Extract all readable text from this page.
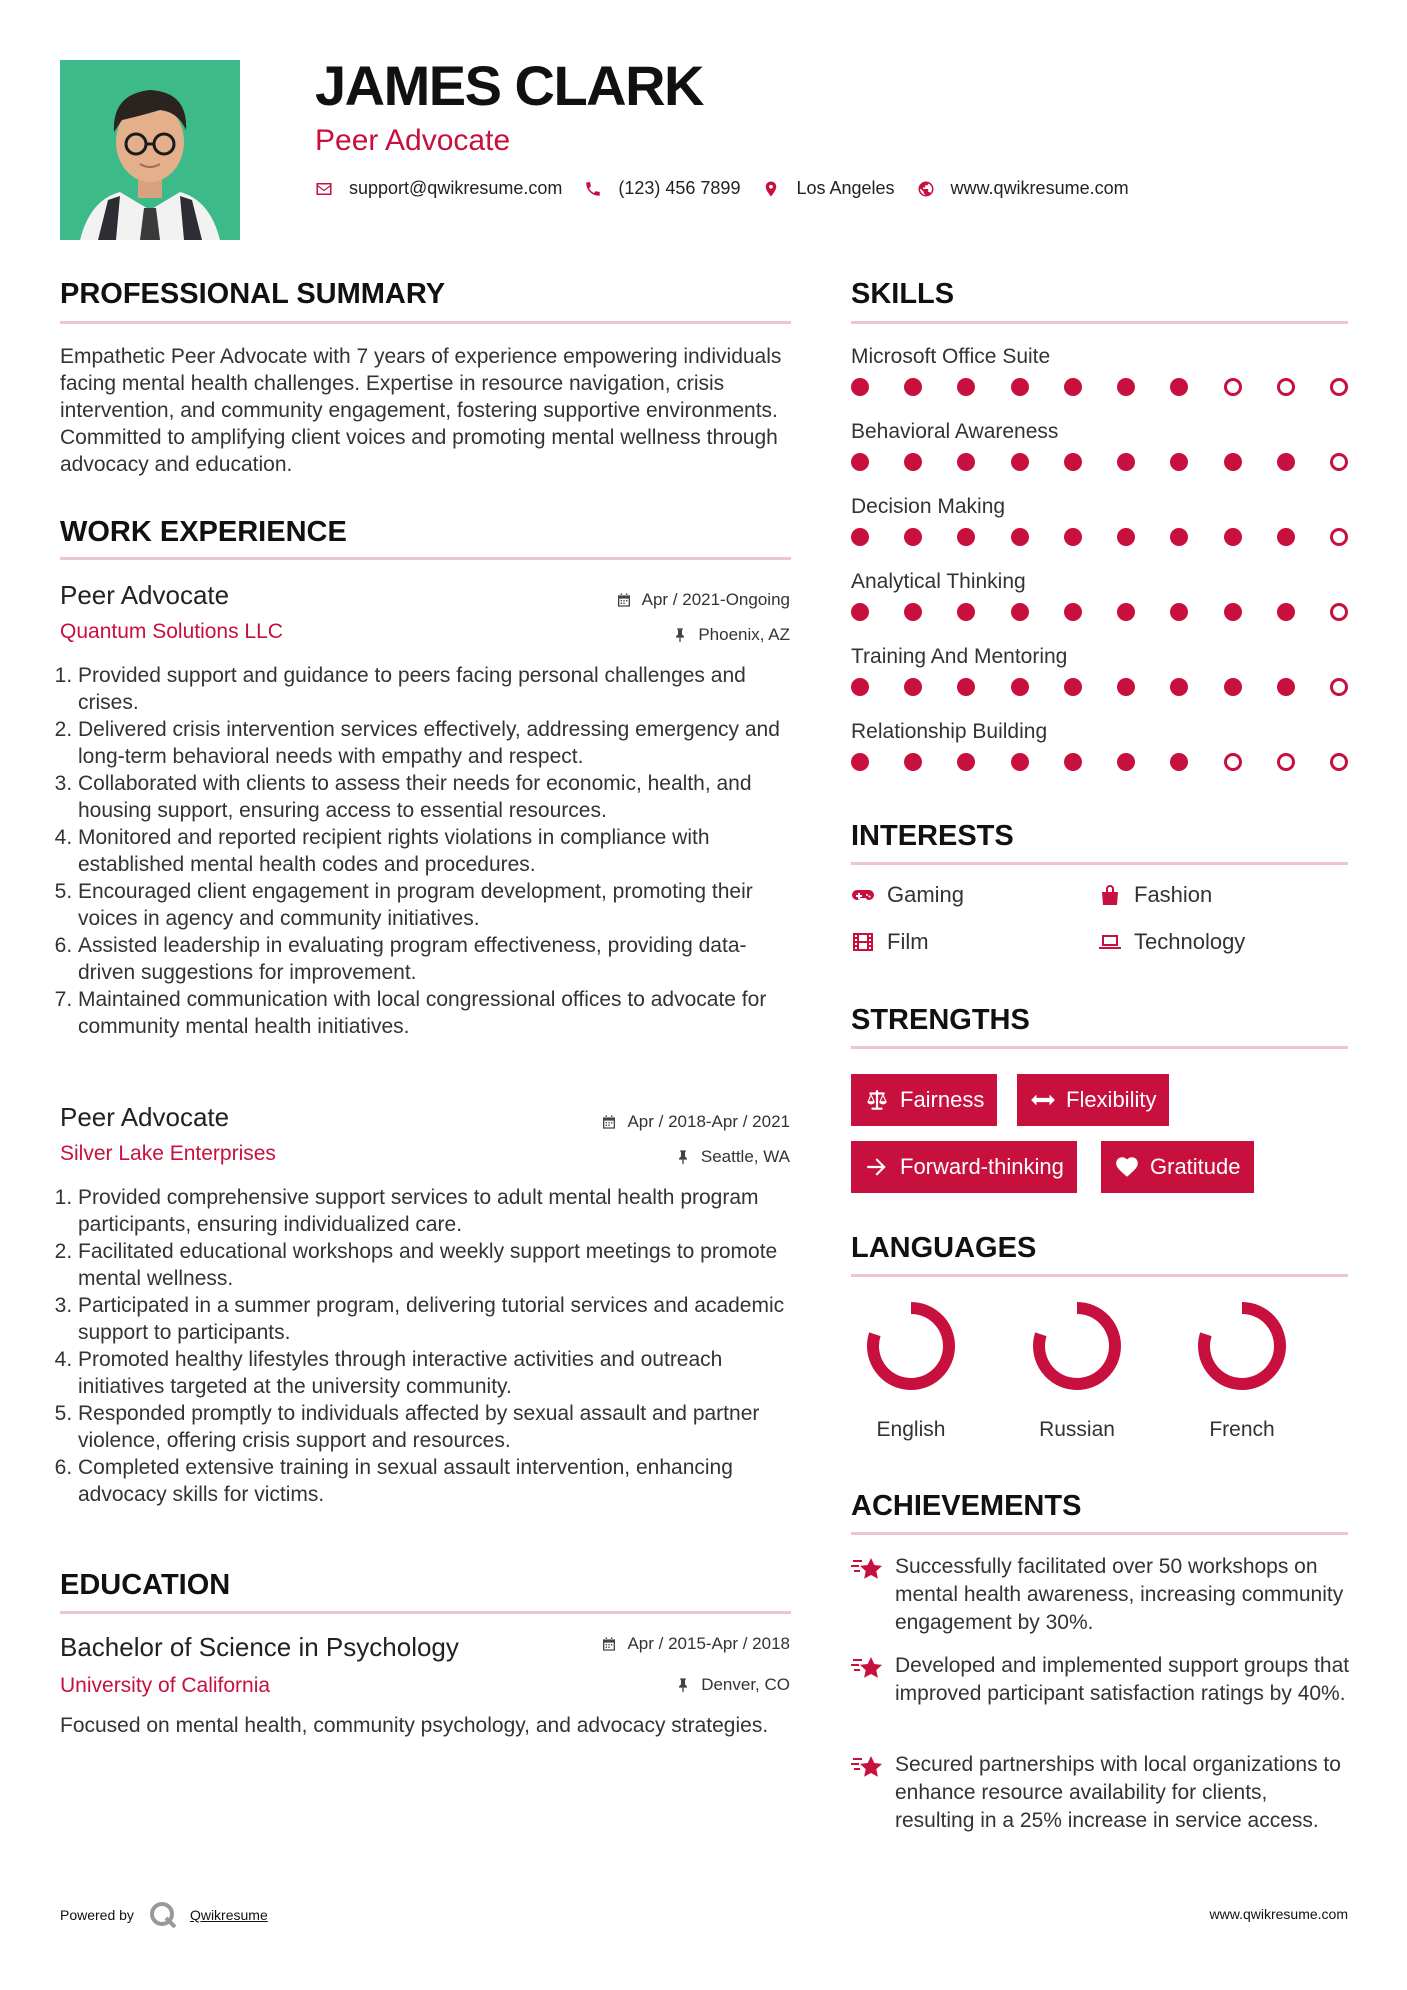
JAMES CLARK
Peer Advocate
support@qwikresume.com	(123) 456 7899	Los Angeles	www.qwikresume.com
PROFESSIONAL SUMMARY
Empathetic Peer Advocate with 7 years of experience empowering individuals facing mental health challenges. Expertise in resource navigation, crisis intervention, and community engagement, fostering supportive environments. Committed to amplifying client voices and promoting mental wellness through advocacy and education.
WORK EXPERIENCE
Peer Advocate	Apr / 2021-Ongoing
Quantum Solutions LLC	Phoenix, AZ
1. Provided support and guidance to peers facing personal challenges and crises.
2. Delivered crisis intervention services effectively, addressing emergency and long-term behavioral needs with empathy and respect.
3. Collaborated with clients to assess their needs for economic, health, and housing support, ensuring access to essential resources.
4. Monitored and reported recipient rights violations in compliance with established mental health codes and procedures.
5. Encouraged client engagement in program development, promoting their voices in agency and community initiatives.
6. Assisted leadership in evaluating program effectiveness, providing data-driven suggestions for improvement.
7. Maintained communication with local congressional offices to advocate for community mental health initiatives.
Peer Advocate	Apr / 2018-Apr / 2021
Silver Lake Enterprises	Seattle, WA
1. Provided comprehensive support services to adult mental health program participants, ensuring individualized care.
2. Facilitated educational workshops and weekly support meetings to promote mental wellness.
3. Participated in a summer program, delivering tutorial services and academic support to participants.
4. Promoted healthy lifestyles through interactive activities and outreach initiatives targeted at the university community.
5. Responded promptly to individuals affected by sexual assault and partner violence, offering crisis support and resources.
6. Completed extensive training in sexual assault intervention, enhancing advocacy skills for victims.
EDUCATION
Bachelor of Science in Psychology	Apr / 2015-Apr / 2018
University of California	Denver, CO
Focused on mental health, community psychology, and advocacy strategies.
SKILLS
Microsoft Office Suite
Behavioral Awareness
Decision Making
Analytical Thinking
Training And Mentoring
Relationship Building
INTERESTS
Gaming	Fashion
Film	Technology
STRENGTHS
Fairness	Flexibility
Forward-thinking	Gratitude
LANGUAGES
English	Russian	French
ACHIEVEMENTS
Successfully facilitated over 50 workshops on mental health awareness, increasing community engagement by 30%.
Developed and implemented support groups that improved participant satisfaction ratings by 40%.
Secured partnerships with local organizations to enhance resource availability for clients, resulting in a 25% increase in service access.
Powered by	Qwikresume	www.qwikresume.com
